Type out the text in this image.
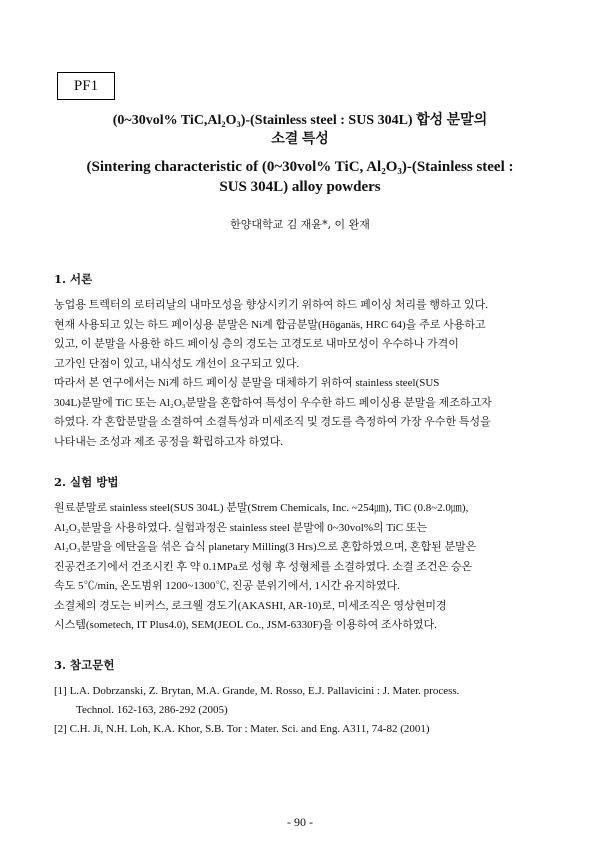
PF1
(0~30vol% TiC,Al₂O₃)-(Stainless steel : SUS 304L) 합성 분말의
소결 특성
(Sintering characteristic of (0~30vol% TiC, Al₂O₃)-(Stainless steel :
SUS 304L) alloy powders
한양대학교 김 재윤*, 이 완재
1. 서론
농업용 트렉터의 로터리날의 내마모성을 향상시키기 위하여 하드 페이싱 처리를 행하고 있다.
현재 사용되고 있는 하드 페이싱용 분말은 Ni계 합금분말(Höganäs, HRC 64)을 주로 사용하고
있고, 이 분말을 사용한 하드 페이싱 층의 경도는 고경도로 내마모성이 우수하나 가격이
고가인 단점이 있고, 내식성도 개선이 요구되고 있다.
따라서 본 연구에서는 Ni계 하드 페이싱 분말을 대체하기 위하여 stainless steel(SUS
304L)분말에 TiC 또는 Al₂O₃분말을 혼합하여 특성이 우수한 하드 페이싱용 분말을 제조하고자
하였다. 각 혼합분말을 소결하여 소결특성과 미세조직 및 경도를 측정하여 가장 우수한 특성을
나타내는 조성과 제조 공정을 확립하고자 하였다.
2. 실험 방법
원료분말로 stainless steel(SUS 304L) 분말(Strem Chemicals, Inc. ~254㎛), TiC (0.8~2.0㎛),
Al₂O₃분말을 사용하였다. 실험과정은 stainless steel 분말에 0~30vol%의 TiC 또는
Al₂O₃분말을 에탄올을 섞은 습식 planetary Milling(3 Hrs)으로 혼합하였으며, 혼합된 분말은
진공건조기에서 건조시킨 후 약 0.1MPa로 성형 후 성형체를 소결하였다. 소결 조건은 승온
속도 5℃/min, 온도범위 1200~1300℃, 진공 분위기에서, 1시간 유지하였다.
소결체의 경도는 비커스, 로크웰 경도기(AKASHI, AR-10)로, 미세조직은 영상현미경
시스템(sometech, IT Plus4.0), SEM(JEOL Co., JSM-6330F)을 이용하여 조사하였다.
3. 참고문헌
[1] L.A. Dobrzanski, Z. Brytan, M.A. Grande, M. Rosso, E.J. Pallavicini : J. Mater. process.
Technol. 162-163, 286-292 (2005)
[2] C.H. Ji, N.H. Loh, K.A. Khor, S.B. Tor : Mater. Sci. and Eng. A311, 74-82 (2001)
- 90 -
